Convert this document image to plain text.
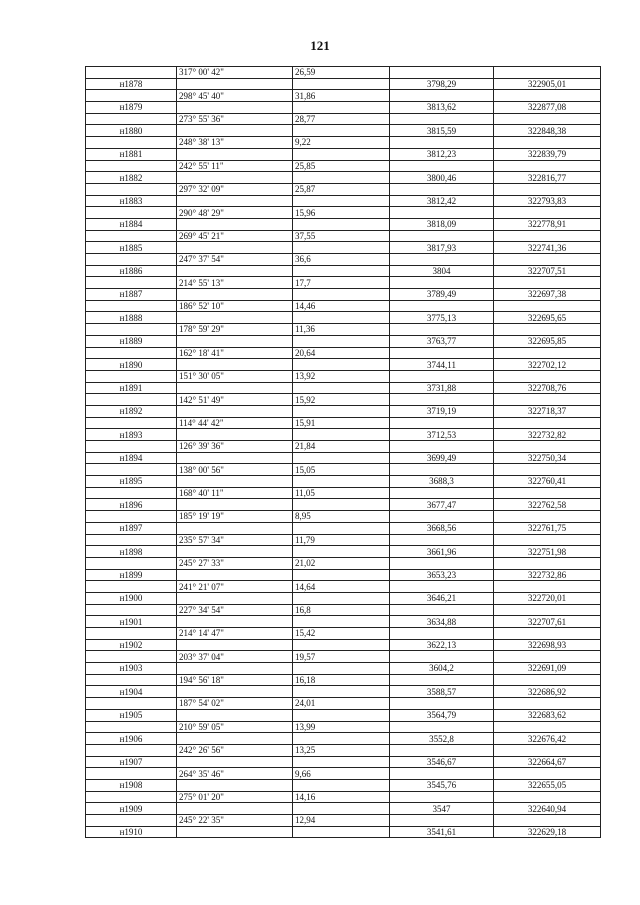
121
	317° 00' 42"	26,59		
н1878			3798,29	322905,01
	298° 45' 40"	31,86		
н1879			3813,62	322877,08
	273° 55' 36"	28,77		
н1880			3815,59	322848,38
	248° 38' 13"	9,22		
н1881			3812,23	322839,79
	242° 55' 11"	25,85		
н1882			3800,46	322816,77
	297° 32' 09"	25,87		
н1883			3812,42	322793,83
	290° 48' 29"	15,96		
н1884			3818,09	322778,91
	269° 45' 21"	37,55		
н1885			3817,93	322741,36
	247° 37' 54"	36,6		
н1886			3804	322707,51
	214° 55' 13"	17,7		
н1887			3789,49	322697,38
	186° 52' 10"	14,46		
н1888			3775,13	322695,65
	178° 59' 29"	11,36		
н1889			3763,77	322695,85
	162° 18' 41"	20,64		
н1890			3744,11	322702,12
	151° 30' 05"	13,92		
н1891			3731,88	322708,76
	142° 51' 49"	15,92		
н1892			3719,19	322718,37
	114° 44' 42"	15,91		
н1893			3712,53	322732,82
	126° 39' 36"	21,84		
н1894			3699,49	322750,34
	138° 00' 56"	15,05		
н1895			3688,3	322760,41
	168° 40' 11"	11,05		
н1896			3677,47	322762,58
	185° 19' 19"	8,95		
н1897			3668,56	322761,75
	235° 57' 34"	11,79		
н1898			3661,96	322751,98
	245° 27' 33"	21,02		
н1899			3653,23	322732,86
	241° 21' 07"	14,64		
н1900			3646,21	322720,01
	227° 34' 54"	16,8		
н1901			3634,88	322707,61
	214° 14' 47"	15,42		
н1902			3622,13	322698,93
	203° 37' 04"	19,57		
н1903			3604,2	322691,09
	194° 56' 18"	16,18		
н1904			3588,57	322686,92
	187° 54' 02"	24,01		
н1905			3564,79	322683,62
	210° 59' 05"	13,99		
н1906			3552,8	322676,42
	242° 26' 56"	13,25		
н1907			3546,67	322664,67
	264° 35' 46"	9,66		
н1908			3545,76	322655,05
	275° 01' 20"	14,16		
н1909			3547	322640,94
	245° 22' 35"	12,94		
н1910			3541,61	322629,18
